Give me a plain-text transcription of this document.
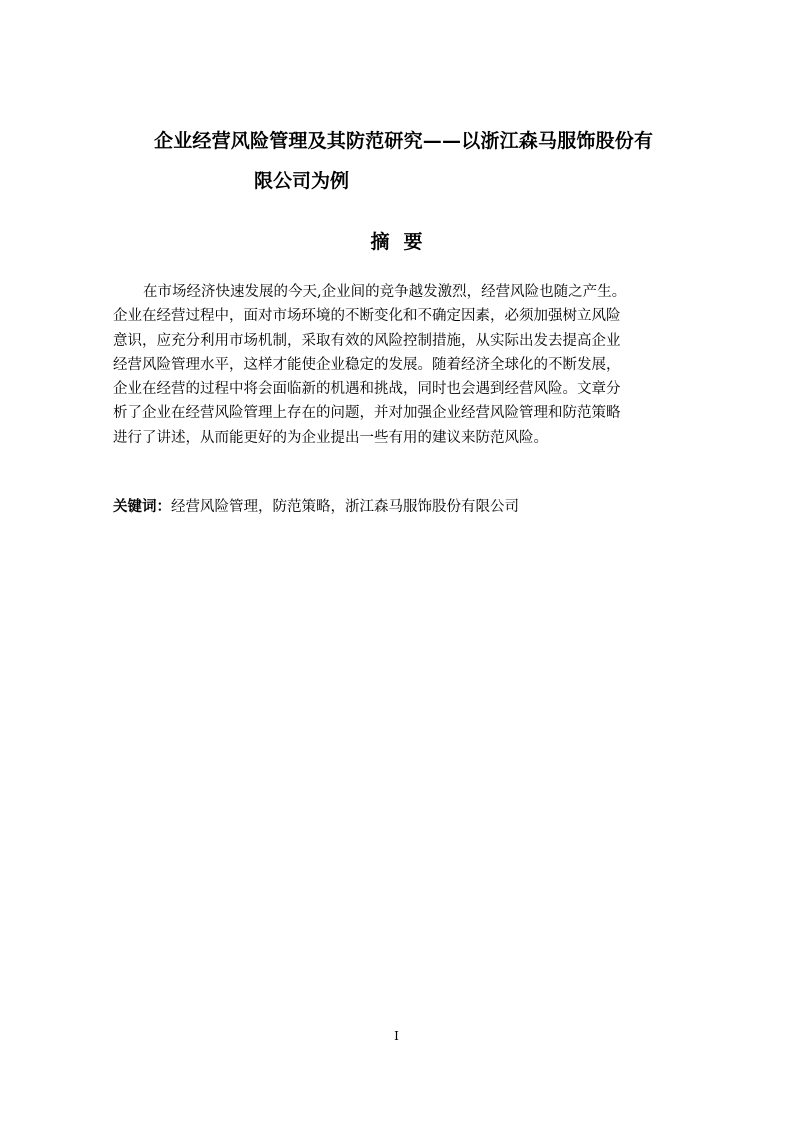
企业经营风险管理及其防范研究——以浙江森马服饰股份有
限公司为例
摘要
在市场经济快速发展的今天,企业间的竞争越发激烈，经营风险也随之产生。
企业在经营过程中，面对市场环境的不断变化和不确定因素，必须加强树立风险
意识，应充分利用市场机制，采取有效的风险控制措施，从实际出发去提高企业
经营风险管理水平，这样才能使企业稳定的发展。随着经济全球化的不断发展，
企业在经营的过程中将会面临新的机遇和挑战，同时也会遇到经营风险。文章分
析了企业在经营风险管理上存在的问题，并对加强企业经营风险管理和防范策略
进行了讲述，从而能更好的为企业提出一些有用的建议来防范风险。
关键词：经营风险管理，防范策略，浙江森马服饰股份有限公司
I
